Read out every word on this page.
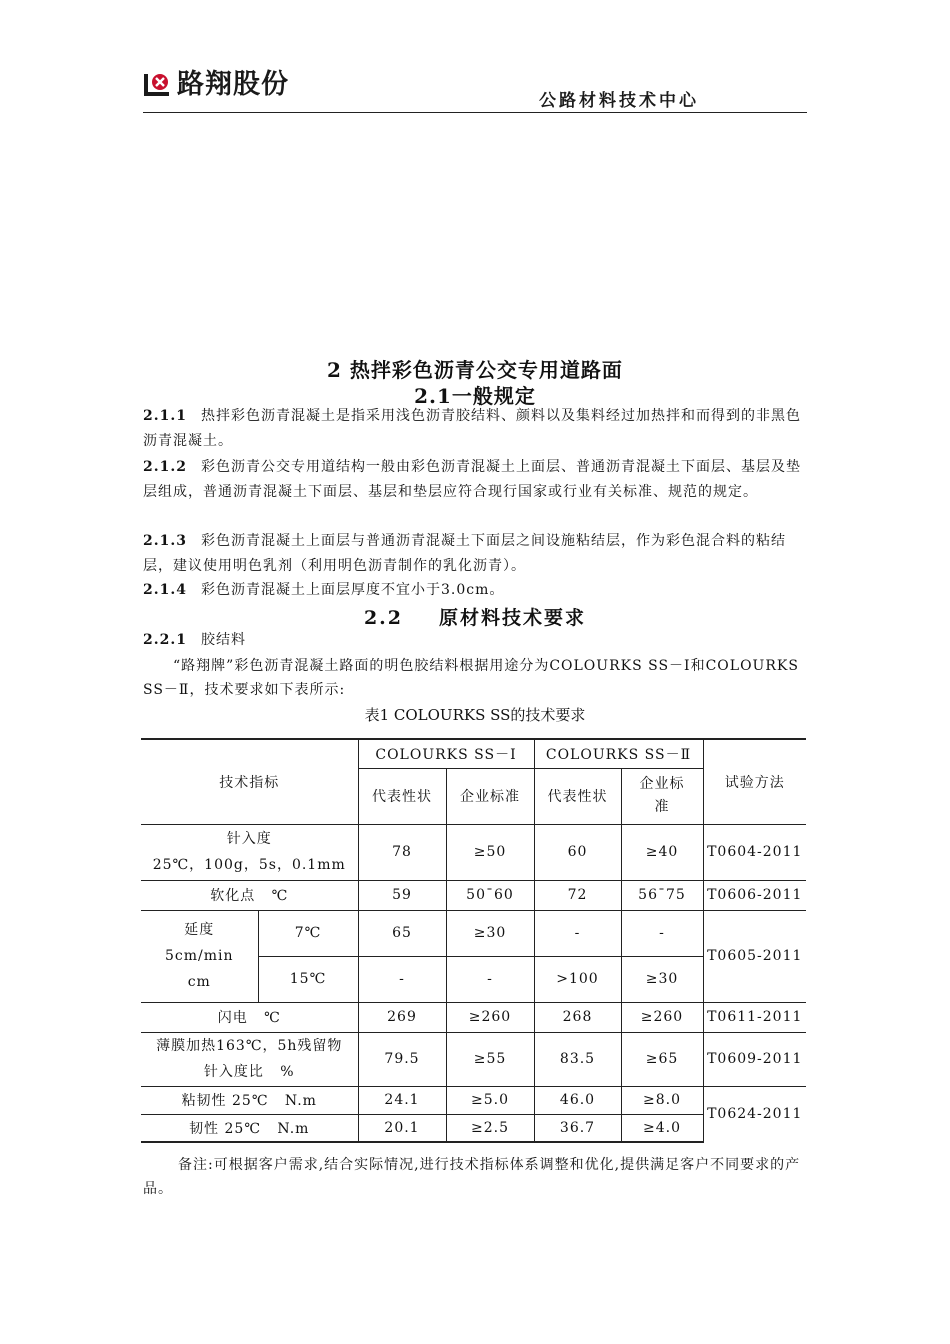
路翔股份
公路材料技术中心
2 热拌彩色沥青公交专用道路面
2.1一般规定
2.1.1 热拌彩色沥青混凝土是指采用浅色沥青胶结料、颜料以及集料经过加热拌和而得到的非黑色沥青混凝土。
2.1.2 彩色沥青公交专用道结构一般由彩色沥青混凝土上面层、普通沥青混凝土下面层、基层及垫层组成，普通沥青混凝土下面层、基层和垫层应符合现行国家或行业有关标准、规范的规定。
2.1.3 彩色沥青混凝土上面层与普通沥青混凝土下面层之间设施粘结层，作为彩色混合料的粘结层，建议使用明色乳剂（利用明色沥青制作的乳化沥青）。
2.1.4 彩色沥青混凝土上面层厚度不宜小于3.0cm。
2.2 原材料技术要求
2.2.1 胶结料
“路翔牌”彩色沥青混凝土路面的明色胶结料根据用途分为COLOURKS SS－Ⅰ和COLOURKS SS－Ⅱ，技术要求如下表所示:
表1 COLOURKS SS的技术要求
技术指标		COLOURKS SS－Ⅰ		COLOURKS SS－Ⅱ		试验方法
		代表性状	企业标准	代表性状	企业标
准	

针入度
25℃，100g，5s，0.1mm		78	≥50	60	≥40	T0604-2011
软化点   ℃		59	50¯60	72	56¯75	T0606-2011
延度
5cm/min
cm	7℃	65	≥30	-	-	T0605-2011
	15℃	-	-	>100	≥30	
闪电   ℃		269	≥260	268	≥260	T0611-2011

薄膜加热163℃，5h残留物
针入度比   %		79.5	≥55	83.5	≥65	T0609-2011
粘韧性 25℃   N.m		24.1	≥5.0	46.0	≥8.0	T0624-2011
韧性 25℃   N.m		20.1	≥2.5	36.7	≥4.0	
备注:可根据客户需求,结合实际情况,进行技术指标体系调整和优化,提供满足客户不同要求的产品。
